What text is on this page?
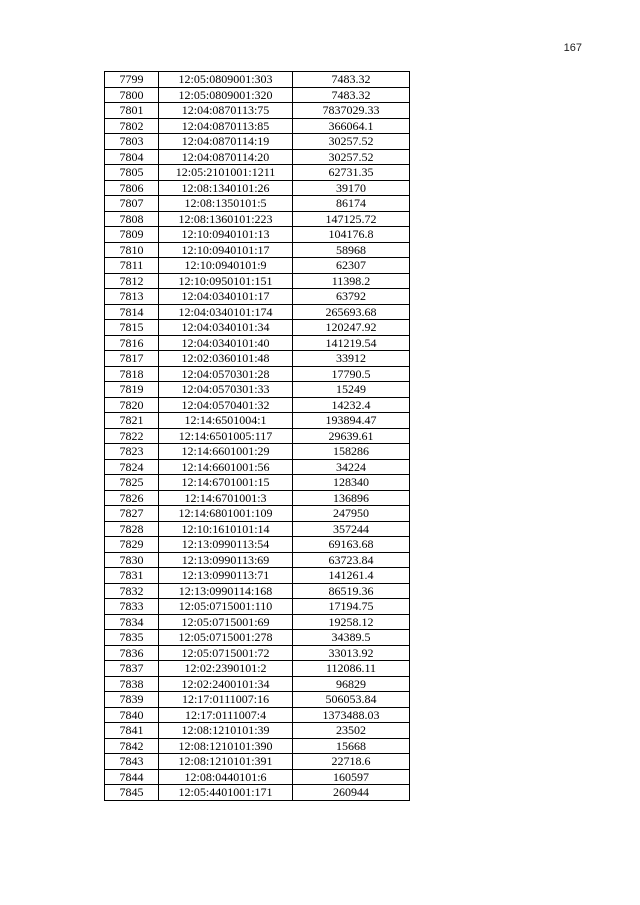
167
7799	12:05:0809001:303	7483.32
7800	12:05:0809001:320	7483.32
7801	12:04:0870113:75	7837029.33
7802	12:04:0870113:85	366064.1
7803	12:04:0870114:19	30257.52
7804	12:04:0870114:20	30257.52
7805	12:05:2101001:1211	62731.35
7806	12:08:1340101:26	39170
7807	12:08:1350101:5	86174
7808	12:08:1360101:223	147125.72
7809	12:10:0940101:13	104176.8
7810	12:10:0940101:17	58968
7811	12:10:0940101:9	62307
7812	12:10:0950101:151	11398.2
7813	12:04:0340101:17	63792
7814	12:04:0340101:174	265693.68
7815	12:04:0340101:34	120247.92
7816	12:04:0340101:40	141219.54
7817	12:02:0360101:48	33912
7818	12:04:0570301:28	17790.5
7819	12:04:0570301:33	15249
7820	12:04:0570401:32	14232.4
7821	12:14:6501004:1	193894.47
7822	12:14:6501005:117	29639.61
7823	12:14:6601001:29	158286
7824	12:14:6601001:56	34224
7825	12:14:6701001:15	128340
7826	12:14:6701001:3	136896
7827	12:14:6801001:109	247950
7828	12:10:1610101:14	357244
7829	12:13:0990113:54	69163.68
7830	12:13:0990113:69	63723.84
7831	12:13:0990113:71	141261.4
7832	12:13:0990114:168	86519.36
7833	12:05:0715001:110	17194.75
7834	12:05:0715001:69	19258.12
7835	12:05:0715001:278	34389.5
7836	12:05:0715001:72	33013.92
7837	12:02:2390101:2	112086.11
7838	12:02:2400101:34	96829
7839	12:17:0111007:16	506053.84
7840	12:17:0111007:4	1373488.03
7841	12:08:1210101:39	23502
7842	12:08:1210101:390	15668
7843	12:08:1210101:391	22718.6
7844	12:08:0440101:6	160597
7845	12:05:4401001:171	260944
